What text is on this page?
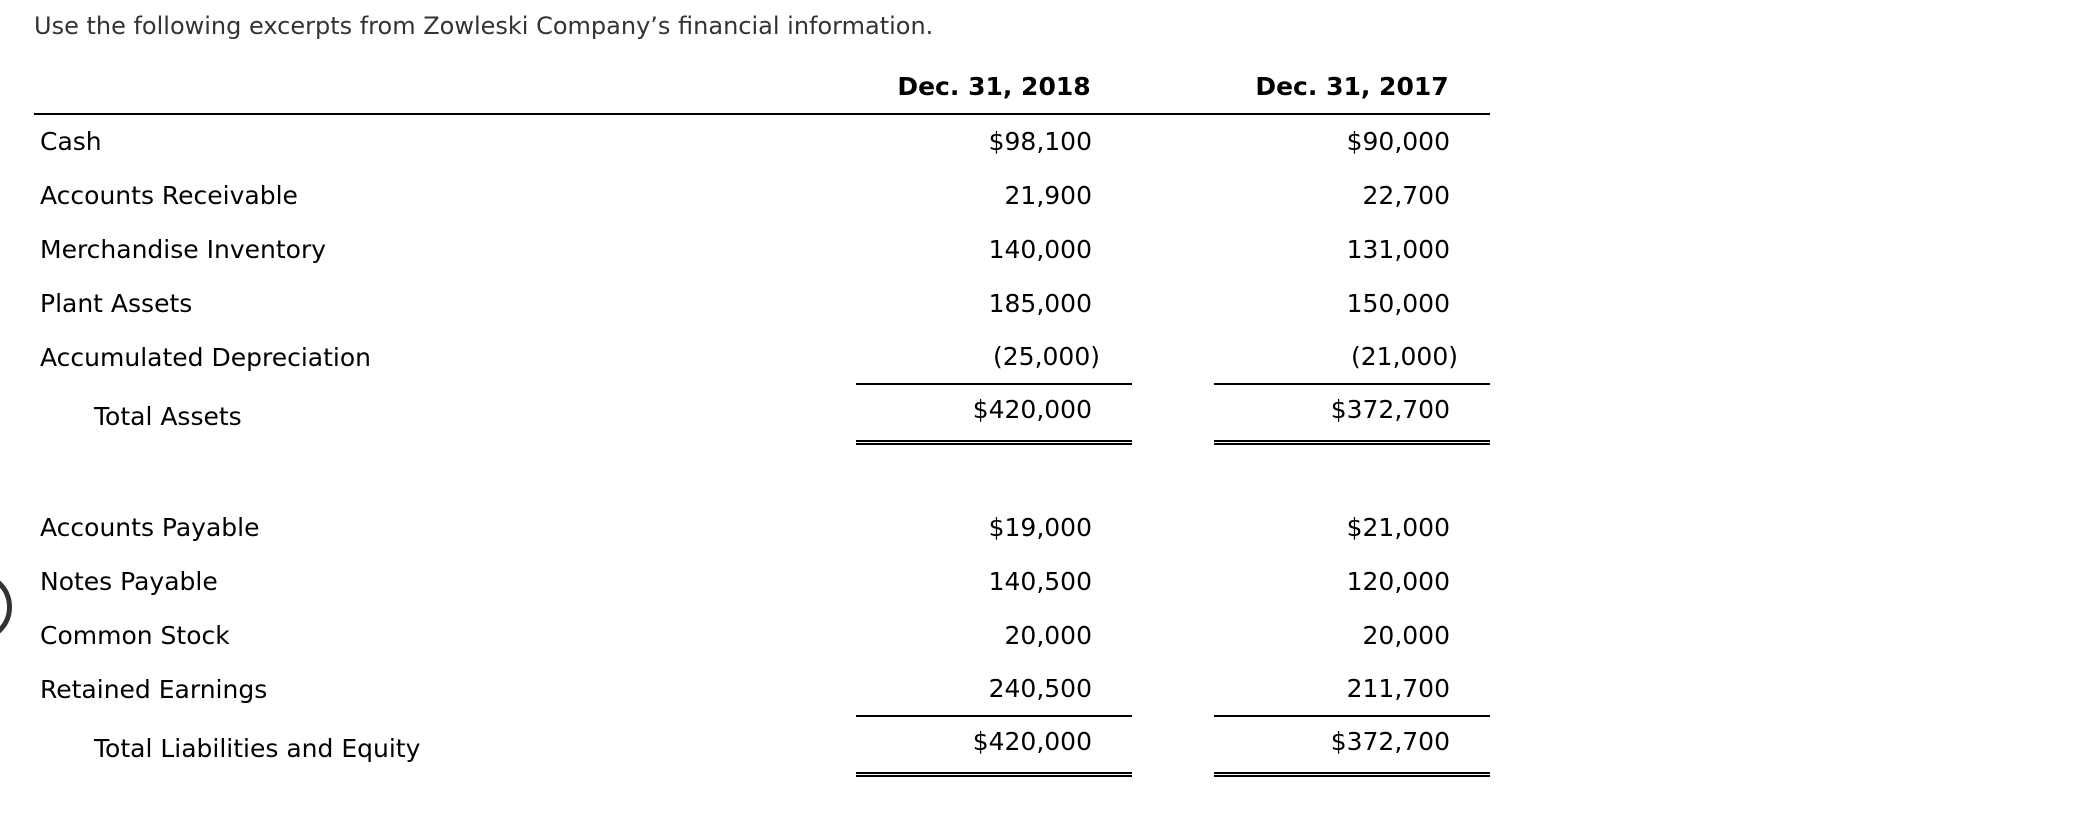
Use the following excerpts from Zowleski Company’s financial information.
	Dec. 31, 2018		Dec. 31, 2017
Cash	$98,100		$90,000
Accounts Receivable	21,900		22,700
Merchandise Inventory	140,000		131,000
Plant Assets	185,000		150,000
Accumulated Depreciation	(25,000)		(21,000)
Total Assets	$420,000		$372,700

Accounts Payable	$19,000		$21,000
Notes Payable	140,500		120,000
Common Stock	20,000		20,000
Retained Earnings	240,500		211,700
Total Liabilities and Equity	$420,000		$372,700
